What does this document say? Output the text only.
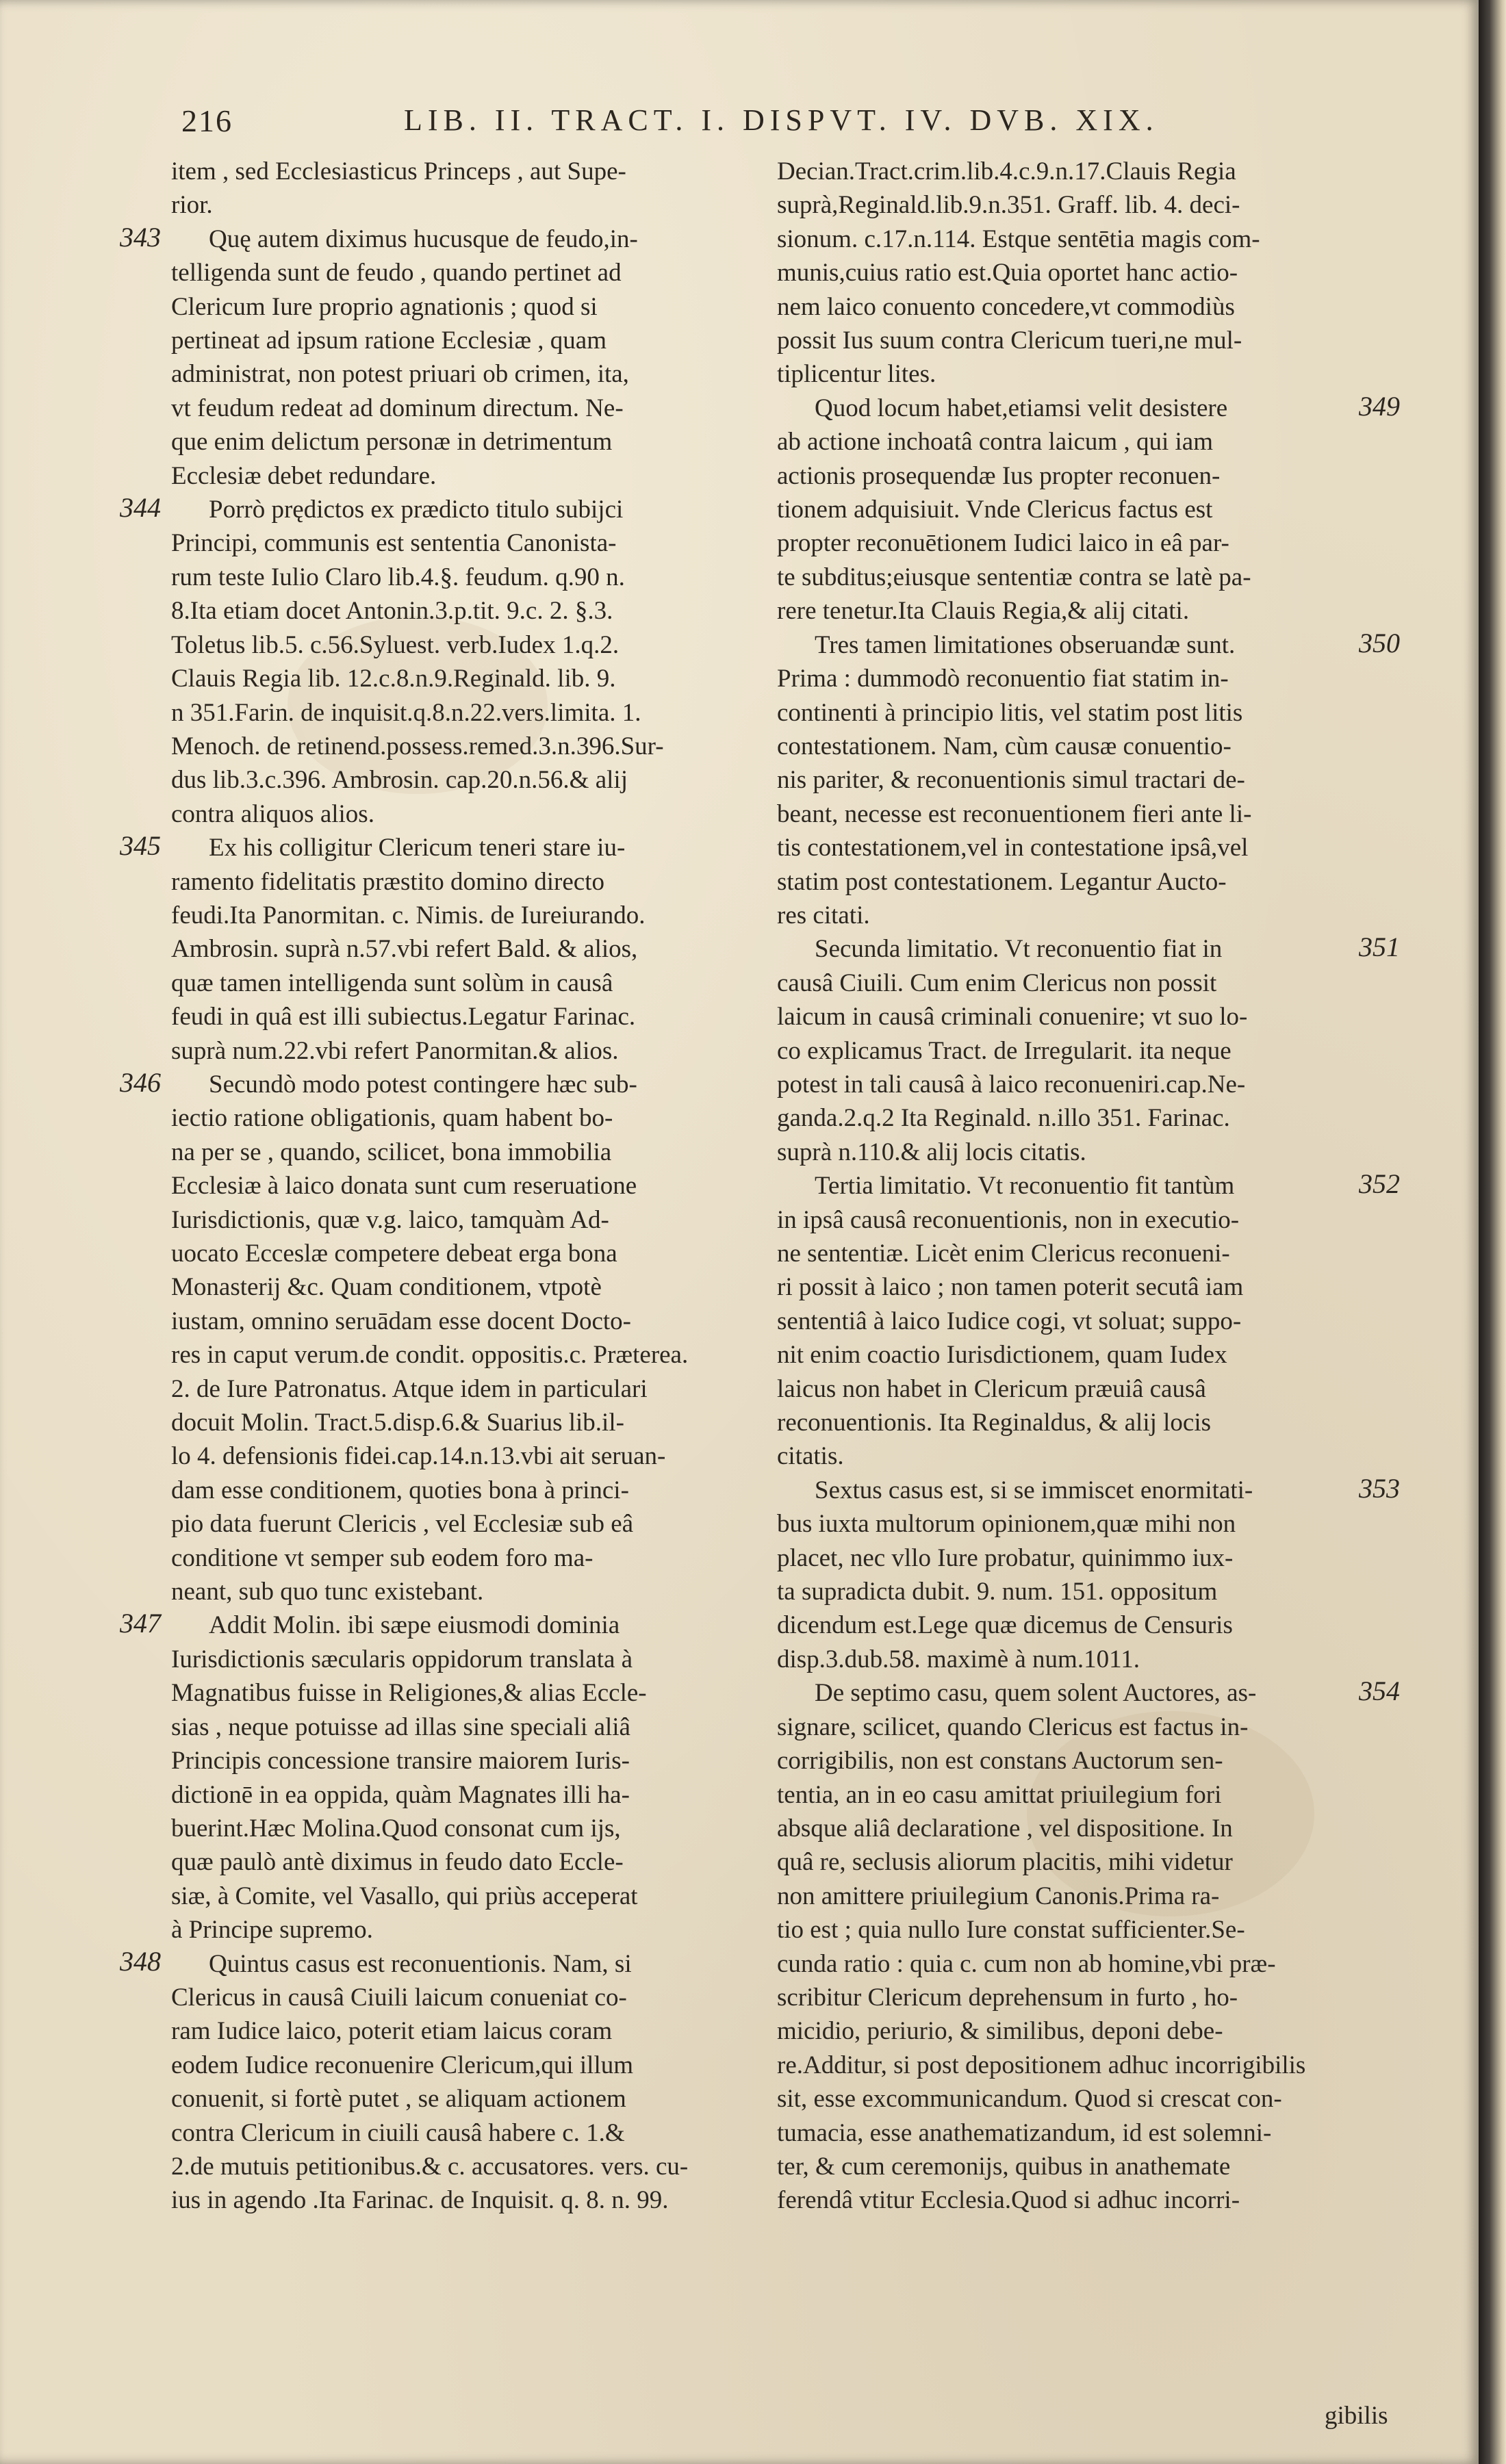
216	LIB. II. TRACT. I. DISPVT. IV. DVB. XIX.
item , sed Ecclesiasticus Princeps , aut Supe-
rior.
Quę autem diximus hucusque de feudo,in-
telligenda sunt de feudo , quando pertinet ad
Clericum Iure proprio agnationis ; quod si
pertineat ad ipsum ratione Ecclesiæ , quam
administrat, non potest priuari ob crimen, ita,
vt feudum redeat ad dominum directum. Ne-
que enim delictum personæ in detrimentum
Ecclesiæ debet redundare.
Porrò prędictos ex prædicto titulo subijci
Principi, communis est sententia Canonista-
rum teste Iulio Claro lib.4.§. feudum. q.90 n.
8.Ita etiam docet Antonin.3.p.tit. 9.c. 2. §.3.
Toletus lib.5. c.56.Syluest. verb.Iudex 1.q.2.
Clauis Regia lib. 12.c.8.n.9.Reginald. lib. 9.
n 351.Farin. de inquisit.q.8.n.22.vers.limita. 1.
Menoch. de retinend.possess.remed.3.n.396.Sur-
dus lib.3.c.396. Ambrosin. cap.20.n.56.& alij
contra aliquos alios.
Ex his colligitur Clericum teneri stare iu-
ramento fidelitatis præstito domino directo
feudi.Ita Panormitan. c. Nimis. de Iureiurando.
Ambrosin. suprà n.57.vbi refert Bald. & alios,
quæ tamen intelligenda sunt solùm in causâ
feudi in quâ est illi subiectus.Legatur Farinac.
suprà num.22.vbi refert Panormitan.& alios.
Secundò modo potest contingere hæc sub-
iectio ratione obligationis, quam habent bo-
na per se , quando, scilicet, bona immobilia
Ecclesiæ à laico donata sunt cum reseruatione
Iurisdictionis, quæ v.g. laico, tamquàm Ad-
uocato Ecceslæ competere debeat erga bona
Monasterij &c. Quam conditionem, vtpotè
iustam, omnino seruādam esse docent Docto-
res in caput verum.de condit. oppositis.c. Præterea.
2. de Iure Patronatus. Atque idem in particulari
docuit Molin. Tract.5.disp.6.& Suarius lib.il-
lo 4. defensionis fidei.cap.14.n.13.vbi ait seruan-
dam esse conditionem, quoties bona à princi-
pio data fuerunt Clericis , vel Ecclesiæ sub eâ
conditione vt semper sub eodem foro ma-
neant, sub quo tunc existebant.
Addit Molin. ibi sæpe eiusmodi dominia
Iurisdictionis sæcularis oppidorum translata à
Magnatibus fuisse in Religiones,& alias Eccle-
sias , neque potuisse ad illas sine speciali aliâ
Principis concessione transire maiorem Iuris-
dictionē in ea oppida, quàm Magnates illi ha-
buerint.Hæc Molina.Quod consonat cum ijs,
quæ paulò antè diximus in feudo dato Eccle-
siæ, à Comite, vel Vasallo, qui priùs acceperat
à Principe supremo.
Quintus casus est reconuentionis. Nam, si
Clericus in causâ Ciuili laicum conueniat co-
ram Iudice laico, poterit etiam laicus coram
eodem Iudice reconuenire Clericum,qui illum
conuenit, si fortè putet , se aliquam actionem
contra Clericum in ciuili causâ habere c. 1.&
2.de mutuis petitionibus.& c. accusatores. vers. cu-
ius in agendo .Ita Farinac. de Inquisit. q. 8. n. 99.
Decian.Tract.crim.lib.4.c.9.n.17.Clauis Regia
suprà,Reginald.lib.9.n.351. Graff. lib. 4. deci-
sionum. c.17.n.114. Estque sentētia magis com-
munis,cuius ratio est.Quia oportet hanc actio-
nem laico conuento concedere,vt commodiùs
possit Ius suum contra Clericum tueri,ne mul-
tiplicentur lites.
Quod locum habet,etiamsi velit desistere
ab actione inchoatâ contra laicum , qui iam
actionis prosequendæ Ius propter reconuen-
tionem adquisiuit. Vnde Clericus factus est
propter reconuētionem Iudici laico in eâ par-
te subditus;eiusque sententiæ contra se latè pa-
rere tenetur.Ita Clauis Regia,& alij citati.
Tres tamen limitationes obseruandæ sunt.
Prima : dummodò reconuentio fiat statim in-
continenti à principio litis, vel statim post litis
contestationem. Nam, cùm causæ conuentio-
nis pariter, & reconuentionis simul tractari de-
beant, necesse est reconuentionem fieri ante li-
tis contestationem,vel in contestatione ipsâ,vel
statim post contestationem. Legantur Aucto-
res citati.
Secunda limitatio. Vt reconuentio fiat in
causâ Ciuili. Cum enim Clericus non possit
laicum in causâ criminali conuenire; vt suo lo-
co explicamus Tract. de Irregularit. ita neque
potest in tali causâ à laico reconueniri.cap.Ne-
ganda.2.q.2 Ita Reginald. n.illo 351. Farinac.
suprà n.110.& alij locis citatis.
Tertia limitatio. Vt reconuentio fit tantùm
in ipsâ causâ reconuentionis, non in executio-
ne sententiæ. Licèt enim Clericus reconueni-
ri possit à laico ; non tamen poterit secutâ iam
sententiâ à laico Iudice cogi, vt soluat; suppo-
nit enim coactio Iurisdictionem, quam Iudex
laicus non habet in Clericum præuiâ causâ
reconuentionis. Ita Reginaldus, & alij locis
citatis.
Sextus casus est, si se immiscet enormitati-
bus iuxta multorum opinionem,quæ mihi non
placet, nec vllo Iure probatur, quinimmo iux-
ta supradicta dubit. 9. num. 151. oppositum
dicendum est.Lege quæ dicemus de Censuris
disp.3.dub.58. maximè à num.1011.
De septimo casu, quem solent Auctores, as-
signare, scilicet, quando Clericus est factus in-
corrigibilis, non est constans Auctorum sen-
tentia, an in eo casu amittat priuilegium fori
absque aliâ declaratione , vel dispositione. In
quâ re, seclusis aliorum placitis, mihi videtur
non amittere priuilegium Canonis.Prima ra-
tio est ; quia nullo Iure constat sufficienter.Se-
cunda ratio : quia c. cum non ab homine,vbi præ-
scribitur Clericum deprehensum in furto , ho-
micidio, periurio, & similibus, deponi debe-
re.Additur, si post depositionem adhuc incorrigibilis
sit, esse excommunicandum. Quod si crescat con-
tumacia, esse anathematizandum, id est solemni-
ter, & cum ceremonijs, quibus in anathemate
ferendâ vtitur Ecclesia.Quod si adhuc incorri-
343
344
345
346
347
348
349
350
351
352
353
354
gibilis
